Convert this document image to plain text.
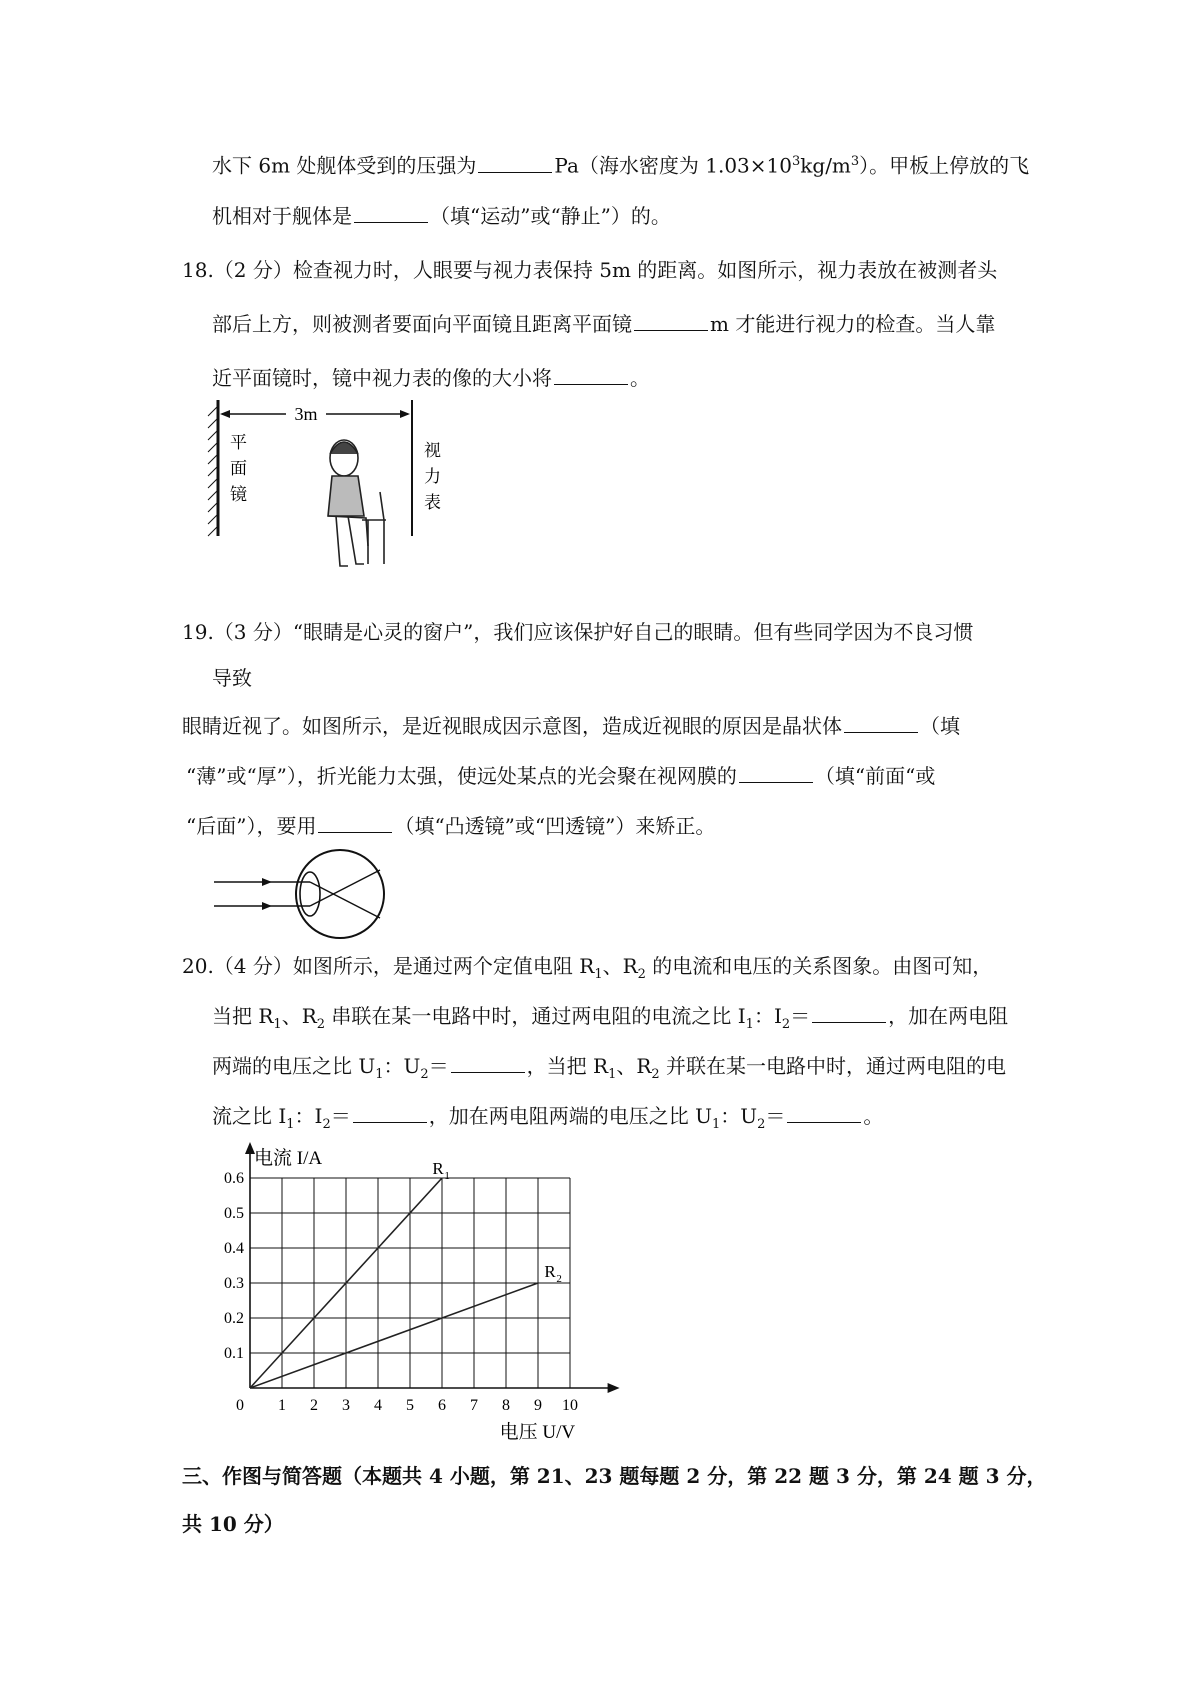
水下 6m 处舰体受到的压强为	Pa（海水密度为 $1.03\times 10^3kg/m^3$）。甲板上停放的飞
机相对于舰体是	（填“运动”或“静止”）的。
18.（2 分）检查视力时，人眼要与视力表保持 5m 的距离。如图所示，视力表放在被测者头
部后上方，则被测者要面向平面镜且距离平面镜	m 才能进行视力的检查。当人靠
近平面镜时，镜中视力表的像的大小将	。
3m
平
面
镜
视
力
表
19.（3 分）“眼睛是心灵的窗户”，我们应该保护好自己的眼睛。但有些同学因为不良习惯
导致
眼睛近视了。如图所示，是近视眼成因示意图，造成近视眼的原因是晶状体	（填
“薄”或“厚”），折光能力太强，使远处某点的光会聚在视网膜的	（填“前面“或
“后面”），要用	（填“凸透镜”或“凹透镜”）来矫正。
20.（4 分）如图所示，是通过两个定值电阻 $R_1$、$R_2$ 的电流和电压的关系图象。由图可知，
当把 $R_1$、$R_2$ 串联在某一电路中时，通过两电阻的电流之比 $I_1$：$I_2=$	，加在两电阻
两端的电压之比 $U_1$：$U_2=$	，当把 $R_1$、$R_2$ 并联在某一电路中时，通过两电阻的电
流之比 $I_1$：$I_2=$	，加在两电阻两端的电压之比 $U_1$：$U_2=$	。
0 1 2 3 4 5 6 7 8 9 10
0.1
0.2
0.3
0.4
0.5
0.6
电流 I/A
电压 U/V
R 1
R 2
三、作图与简答题（本题共 4 小题，第 21、23 题每题 2 分，第 22 题 3 分，第 24 题 3 分，
共 10 分）
